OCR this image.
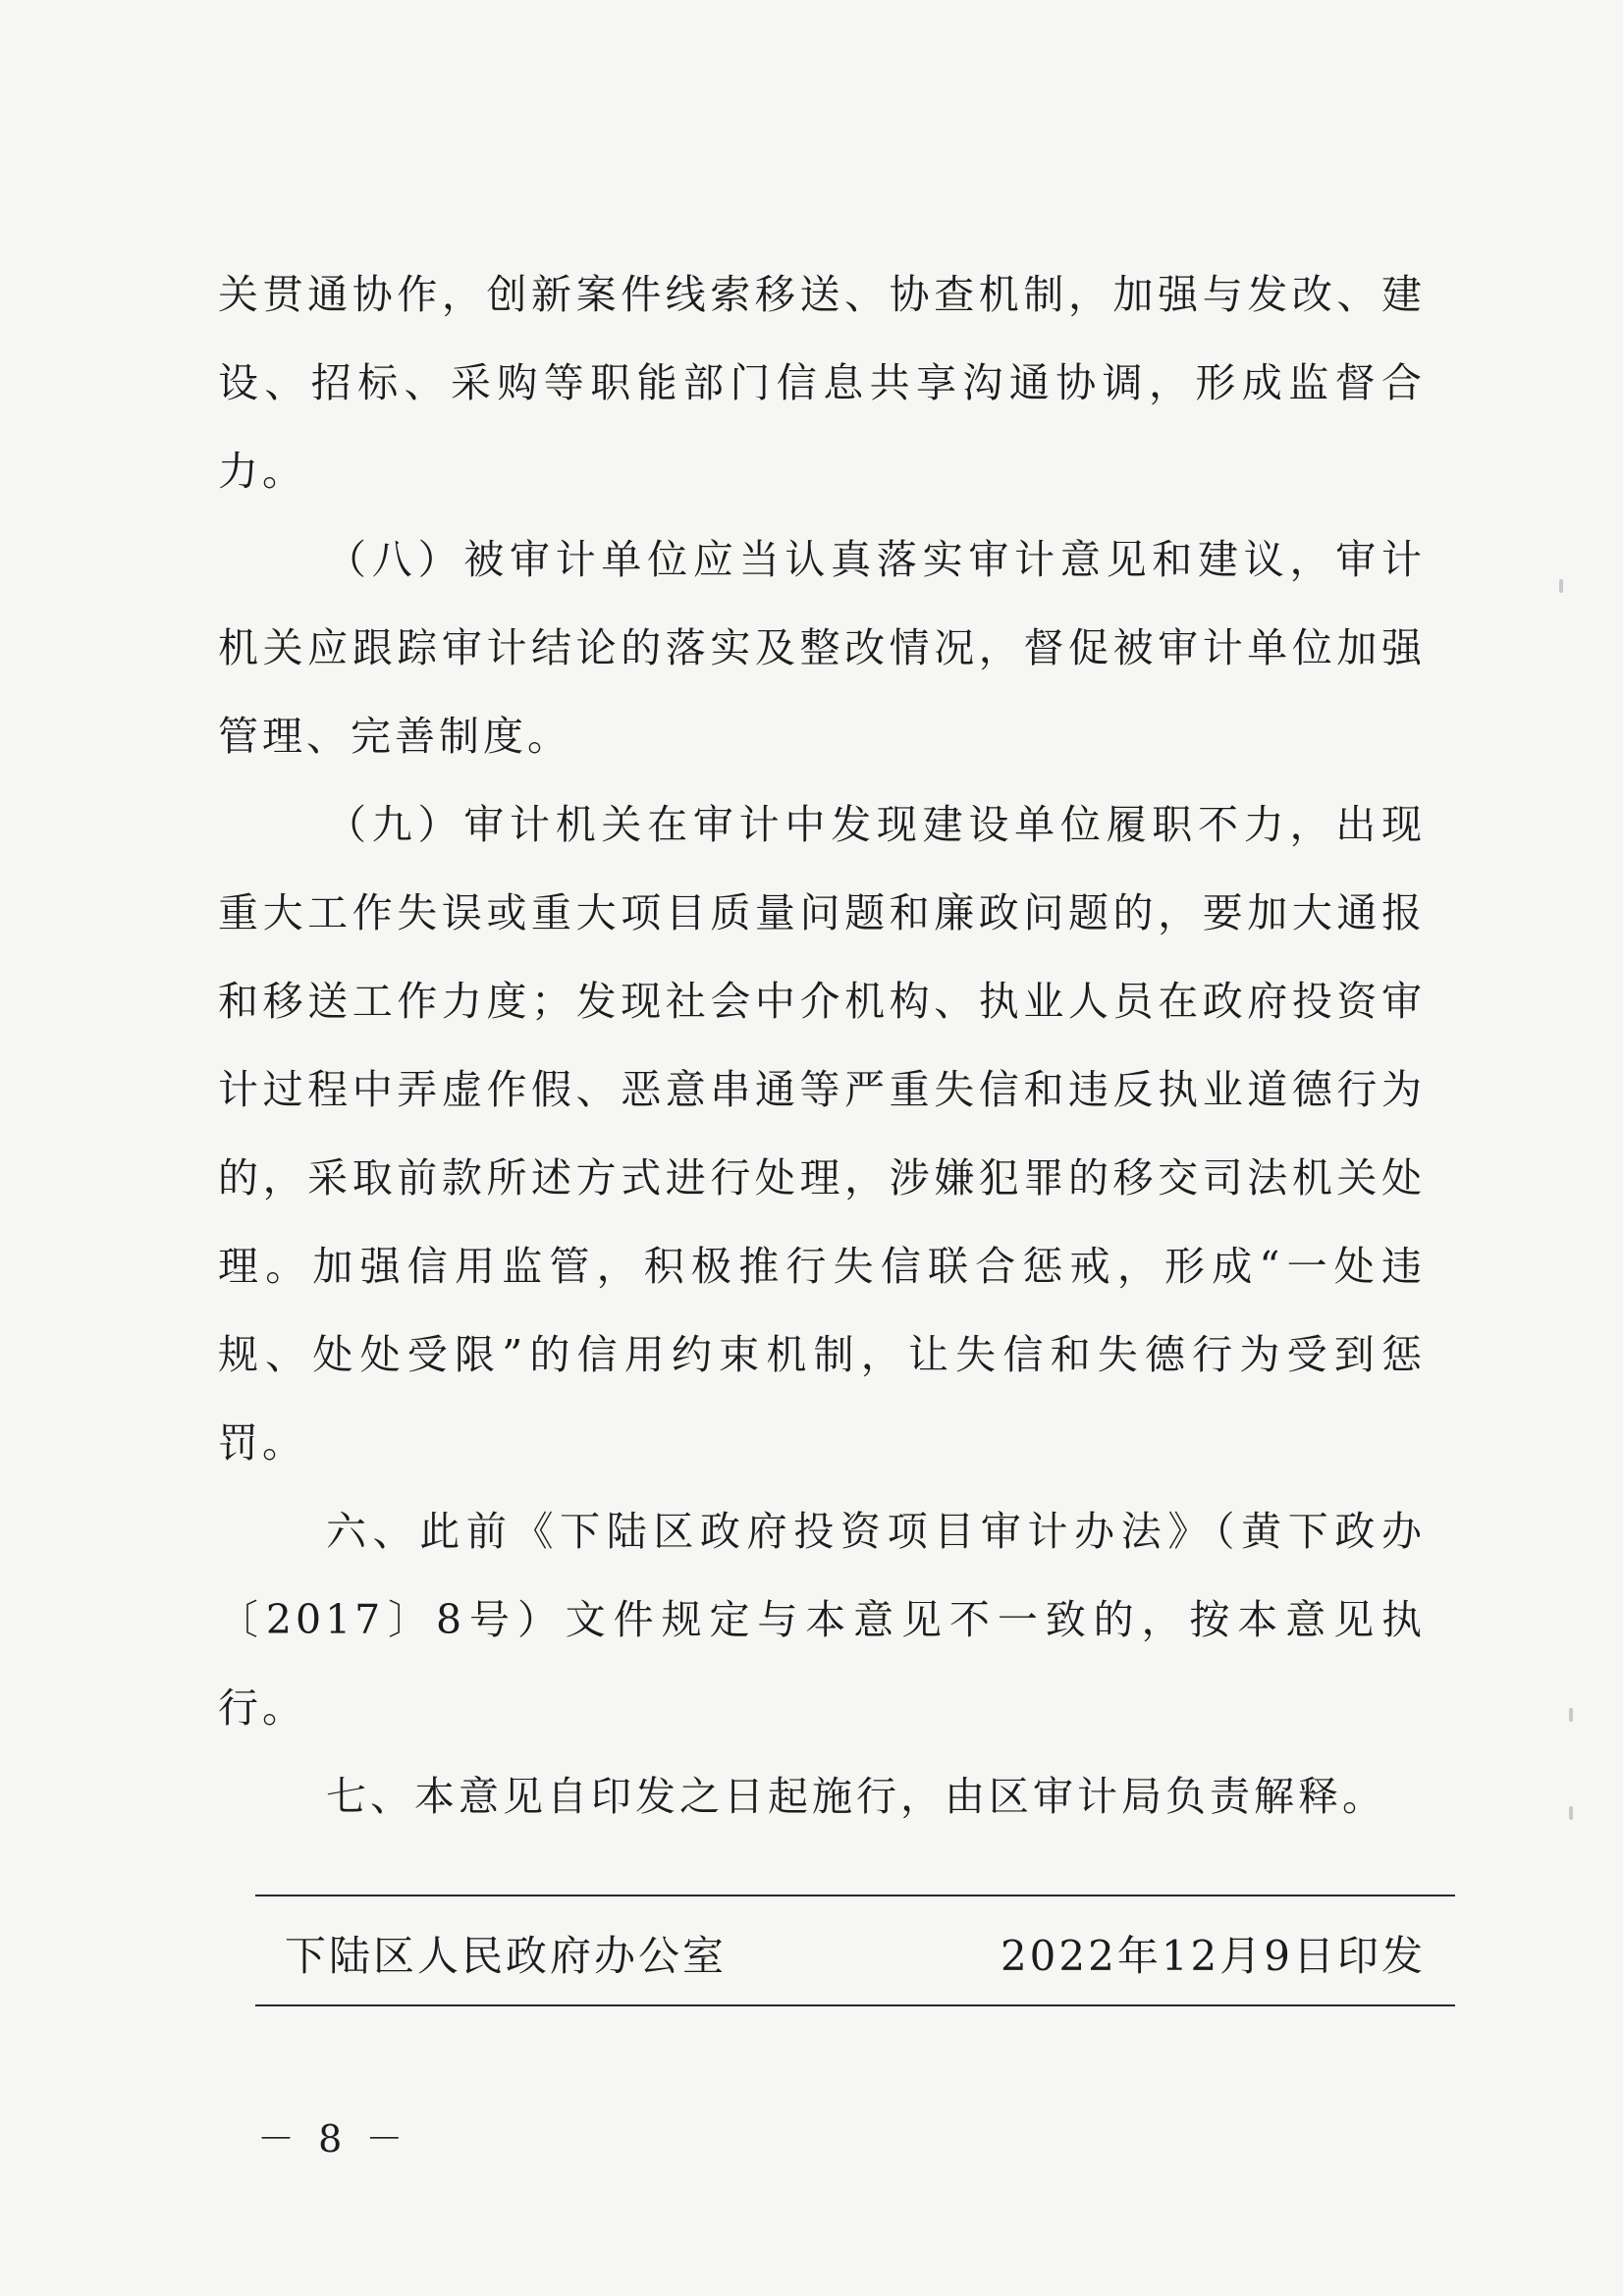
关贯通协作，创新案件线索移送、协查机制，加强与发改、建设、招标、采购等职能部门信息共享沟通协调，形成监督合力。

（八）被审计单位应当认真落实审计意见和建议，审计机关应跟踪审计结论的落实及整改情况，督促被审计单位加强管理、完善制度。

（九）审计机关在审计中发现建设单位履职不力，出现重大工作失误或重大项目质量问题和廉政问题的，要加大通报和移送工作力度；发现社会中介机构、执业人员在政府投资审计过程中弄虚作假、恶意串通等严重失信和违反执业道德行为的，采取前款所述方式进行处理，涉嫌犯罪的移交司法机关处理。加强信用监管，积极推行失信联合惩戒，形成“一处违规、处处受限”的信用约束机制，让失信和失德行为受到惩罚。

六、此前《下陆区政府投资项目审计办法》（黄下政办〔2017〕8号）文件规定与本意见不一致的，按本意见执行。

七、本意见自印发之日起施行，由区审计局负责解释。

下陆区人民政府办公室	2022年12月9日印发
－ 8 －
